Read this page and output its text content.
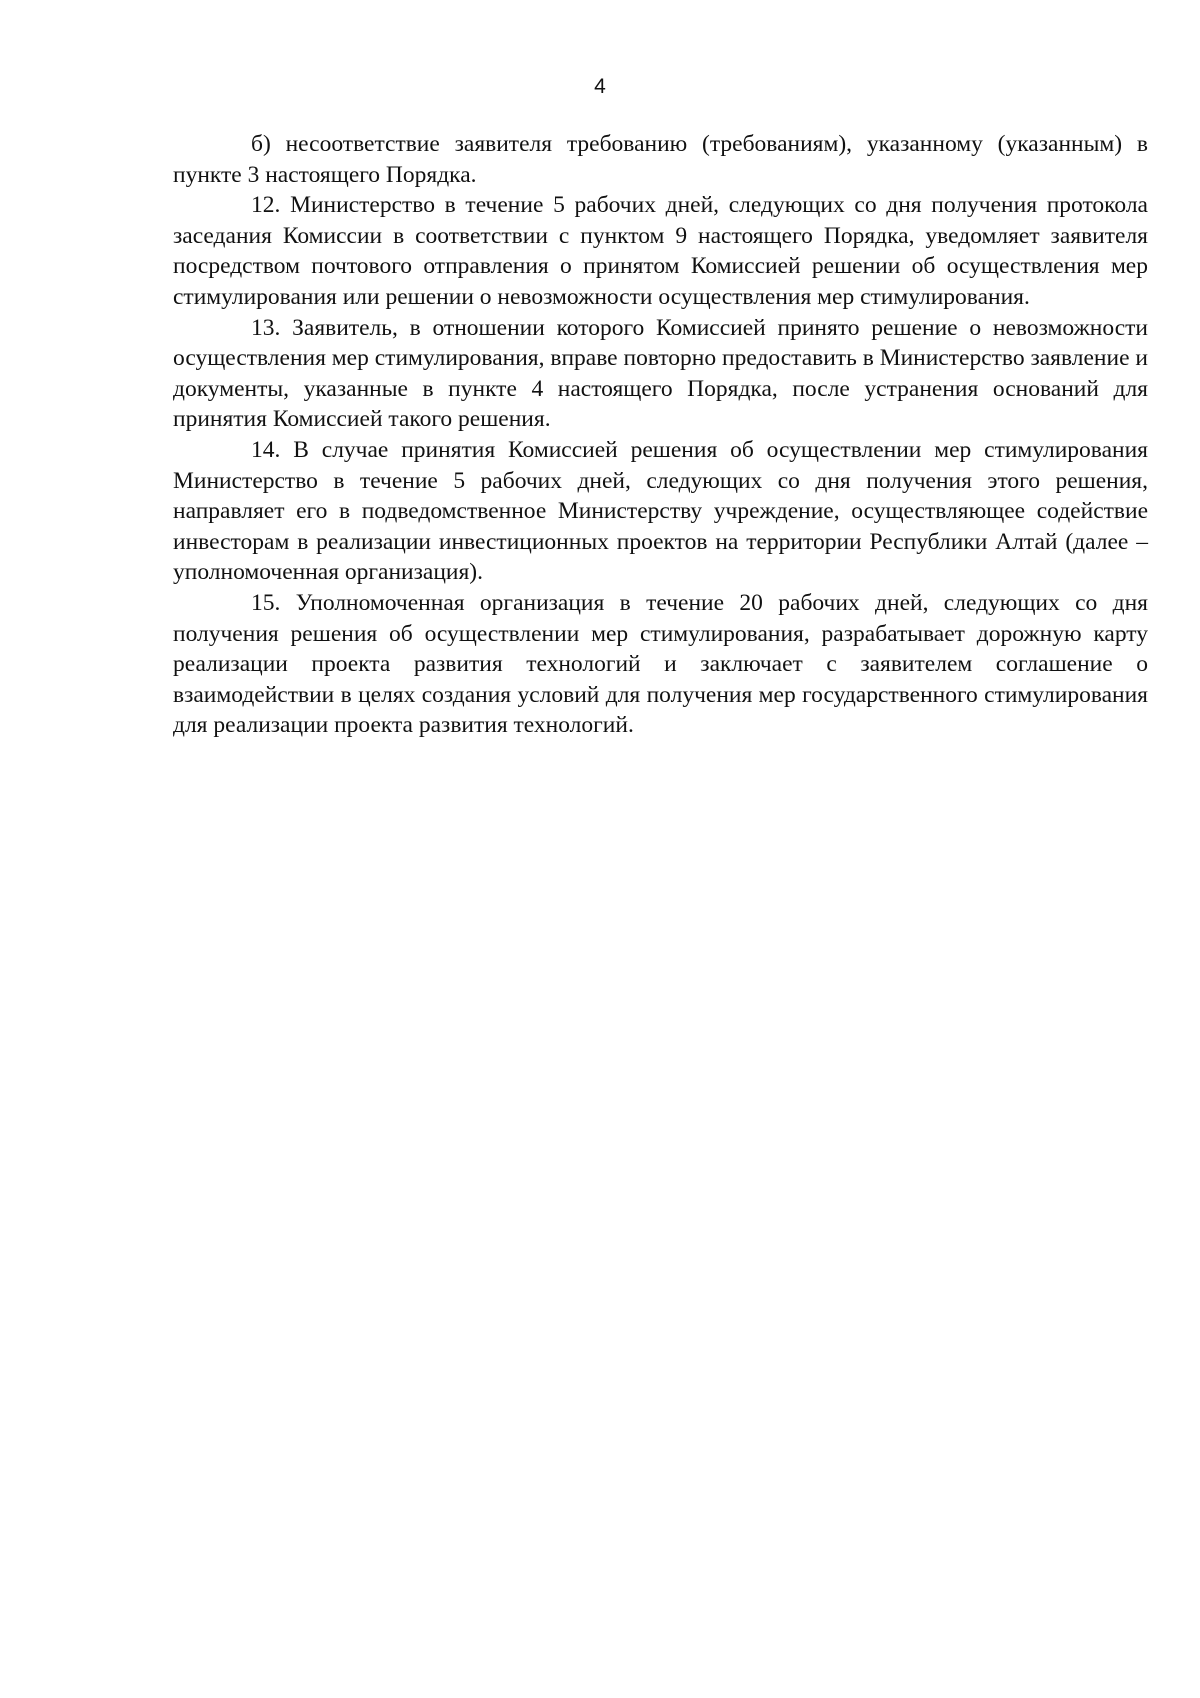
4

б) несоответствие заявителя требованию (требованиям), указанному (указанным) в пункте 3 настоящего Порядка.

12. Министерство в течение 5 рабочих дней, следующих со дня получения протокола заседания Комиссии в соответствии с пунктом 9 настоящего Порядка, уведомляет заявителя посредством почтового отправления о принятом Комиссией решении об осуществления мер стимулирования или решении о невозможности осуществления мер стимулирования.

13. Заявитель, в отношении которого Комиссией принято решение о невозможности осуществления мер стимулирования, вправе повторно предоставить в Министерство заявление и документы, указанные в пункте 4 настоящего Порядка, после устранения оснований для принятия Комиссией такого решения.

14. В случае принятия Комиссией решения об осуществлении мер стимулирования Министерство в течение 5 рабочих дней, следующих со дня получения этого решения, направляет его в подведомственное Министерству учреждение, осуществляющее содействие инвесторам в реализации инвестиционных проектов на территории Республики Алтай (далее – уполномоченная организация).

15. Уполномоченная организация в течение 20 рабочих дней, следующих со дня получения решения об осуществлении мер стимулирования, разрабатывает дорожную карту реализации проекта развития технологий и заключает с заявителем соглашение о взаимодействии в целях создания условий для получения мер государственного стимулирования для реализации проекта развития технологий.
